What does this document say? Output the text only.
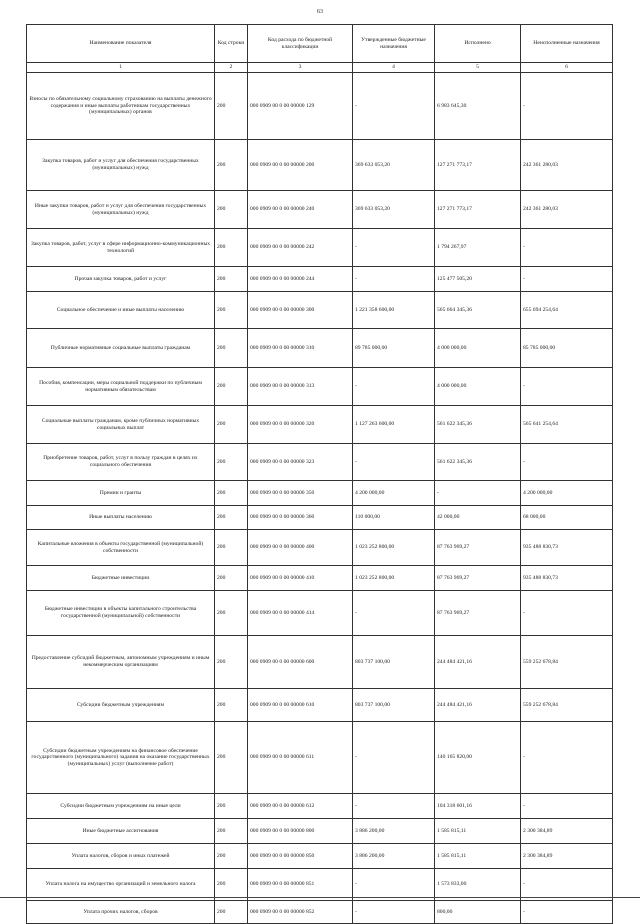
63
Наименование показателя	Код строки	Код расхода по бюджетной классификации	Утвержденные бюджетные назначения	Исполнено	Неисполненные назначения
1	2	3	4	5	6
Взносы по обязательному социальному страхованию на выплаты денежного содержания и иные выплаты работникам государственных (муниципальных) органов	200	000 0909 00 0 00 00000 129	-	6 983 645,30	-
Закупка товаров, работ и услуг для обеспечения государственных (муниципальных) нужд	200	000 0909 00 0 00 00000 200	369 633 053,20	127 271 773,17	242 361 280,03
Иные закупки товаров, работ и услуг для обеспечения государственных (муниципальных) нужд	200	000 0909 00 0 00 00000 240	369 633 053,20	127 271 773,17	242 361 280,03
Закупка товаров, работ, услуг в сфере информационно-коммуникационных технологий	200	000 0909 00 0 00 00000 242	-	1 794 267,97	-
Прочая закупка товаров, работ и услуг	200	000 0909 00 0 00 00000 244	-	125 477 505,20	-
Социальное обеспечение и иные выплаты населению	200	000 0909 00 0 00 00000 300	1 221 358 600,00	565 664 345,36	655 694 254,64
Публичные нормативные социальные выплаты гражданам	200	000 0909 00 0 00 00000 310	89 785 000,00	4 000 000,00	85 785 000,00
Пособия, компенсации, меры социальной поддержки по публичным нормативным обязательствам	200	000 0909 00 0 00 00000 313	-	4 000 000,00	-
Социальные выплаты гражданам, кроме публичных нормативных социальных выплат	200	000 0909 00 0 00 00000 320	1 127 263 600,00	561 622 345,36	565 641 254,64
Приобретение товаров, работ, услуг в пользу граждан в целях их социального обеспечения	200	000 0909 00 0 00 00000 323	-	561 622 345,36	-
Премии и гранты	200	000 0909 00 0 00 00000 350	4 200 000,00	-	4 200 000,00
Иные выплаты населению	200	000 0909 00 0 00 00000 360	110 000,00	42 000,00	68 000,00
Капитальные вложения в объекты государственной (муниципальной) собственности	200	000 0909 00 0 00 00000 400	1 023 252 800,00	87 763 969,27	935 488 830,73
Бюджетные инвестиции	200	000 0909 00 0 00 00000 410	1 023 252 800,00	87 763 969,27	935 488 830,73
Бюджетные инвестиции в объекты капитального строительства государственной (муниципальной) собственности	200	000 0909 00 0 00 00000 414	-	87 763 969,27	-
Предоставление субсидий бюджетным, автономным учреждениям и иным некоммерческим организациям	200	000 0909 00 0 00 00000 600	803 737 100,00	244 484 421,16	559 252 678,84
Субсидии бюджетным учреждениям	200	000 0909 00 0 00 00000 610	803 737 100,00	244 484 421,16	559 252 678,84
Субсидии бюджетным учреждениям на финансовое обеспечение государственного (муниципального) задания на оказание государственных (муниципальных) услуг (выполнение работ)	200	000 0909 00 0 00 00000 611	-	140 165 820,00	-
Субсидии бюджетным учреждениям на иные цели	200	000 0909 00 0 00 00000 612	-	104 318 601,16	-
Иные бюджетные ассигнования	200	000 0909 00 0 00 00000 800	3 886 200,00	1 585 815,11	2 300 384,89
Уплата налогов, сборов и иных платежей	200	000 0909 00 0 00 00000 850	3 886 200,00	1 585 815,11	2 300 384,89
Уплата налога на имущество организаций и земельного налога	200	000 0909 00 0 00 00000 851	-	1 573 833,00	-
Уплата прочих налогов, сборов	200	000 0909 00 0 00 00000 852	-	800,00	-
